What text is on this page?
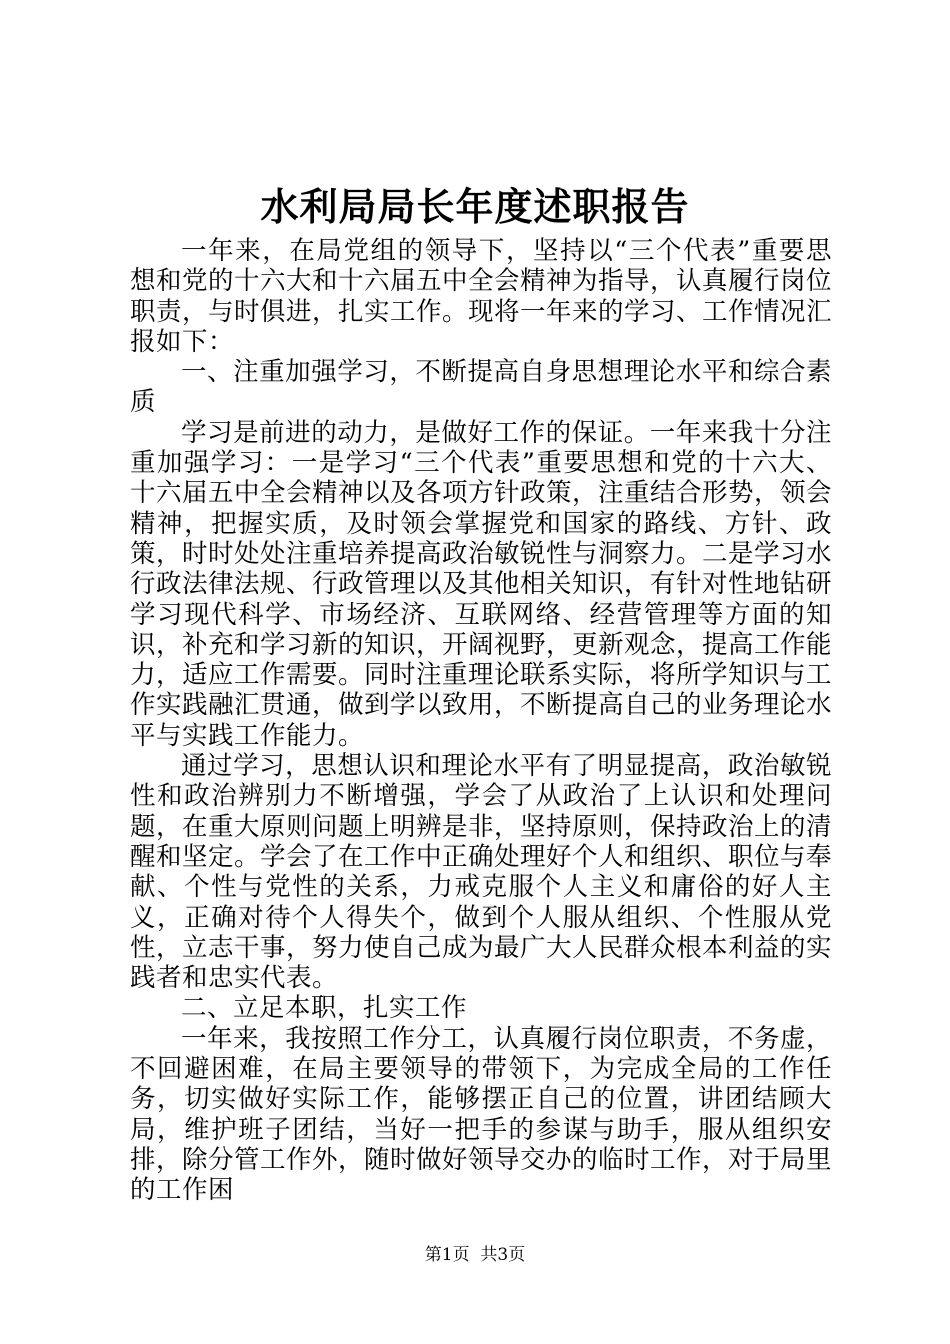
水利局局长年度述职报告

一年来，在局党组的领导下，坚持以“三个代表”重要思想和党的十六大和十六届五中全会精神为指导，认真履行岗位职责，与时俱进，扎实工作。现将一年来的学习、工作情况汇报如下：

一、注重加强学习，不断提高自身思想理论水平和综合素质

学习是前进的动力，是做好工作的保证。一年来我十分注重加强学习：一是学习“三个代表”重要思想和党的十六大、十六届五中全会精神以及各项方针政策，注重结合形势，领会精神，把握实质，及时领会掌握党和国家的路线、方针、政策，时时处处注重培养提高政治敏锐性与洞察力。二是学习水行政法律法规、行政管理以及其他相关知识，有针对性地钻研学习现代科学、市场经济、互联网络、经营管理等方面的知识，补充和学习新的知识，开阔视野，更新观念，提高工作能力，适应工作需要。同时注重理论联系实际，将所学知识与工作实践融汇贯通，做到学以致用，不断提高自己的业务理论水平与实践工作能力。

通过学习，思想认识和理论水平有了明显提高，政治敏锐性和政治辨别力不断增强，学会了从政治了上认识和处理问题，在重大原则问题上明辨是非，坚持原则，保持政治上的清醒和坚定。学会了在工作中正确处理好个人和组织、职位与奉献、个性与党性的关系，力戒克服个人主义和庸俗的好人主义，正确对待个人得失个，做到个人服从组织、个性服从党性，立志干事，努力使自己成为最广大人民群众根本利益的实践者和忠实代表。

二、立足本职，扎实工作

一年来，我按照工作分工，认真履行岗位职责，不务虚，不回避困难，在局主要领导的带领下，为完成全局的工作任务，切实做好实际工作，能够摆正自己的位置，讲团结顾大局，维护班子团结，当好一把手的参谋与助手，服从组织安排，除分管工作外，随时做好领导交办的临时工作，对于局里的工作困

第1页  共3页
